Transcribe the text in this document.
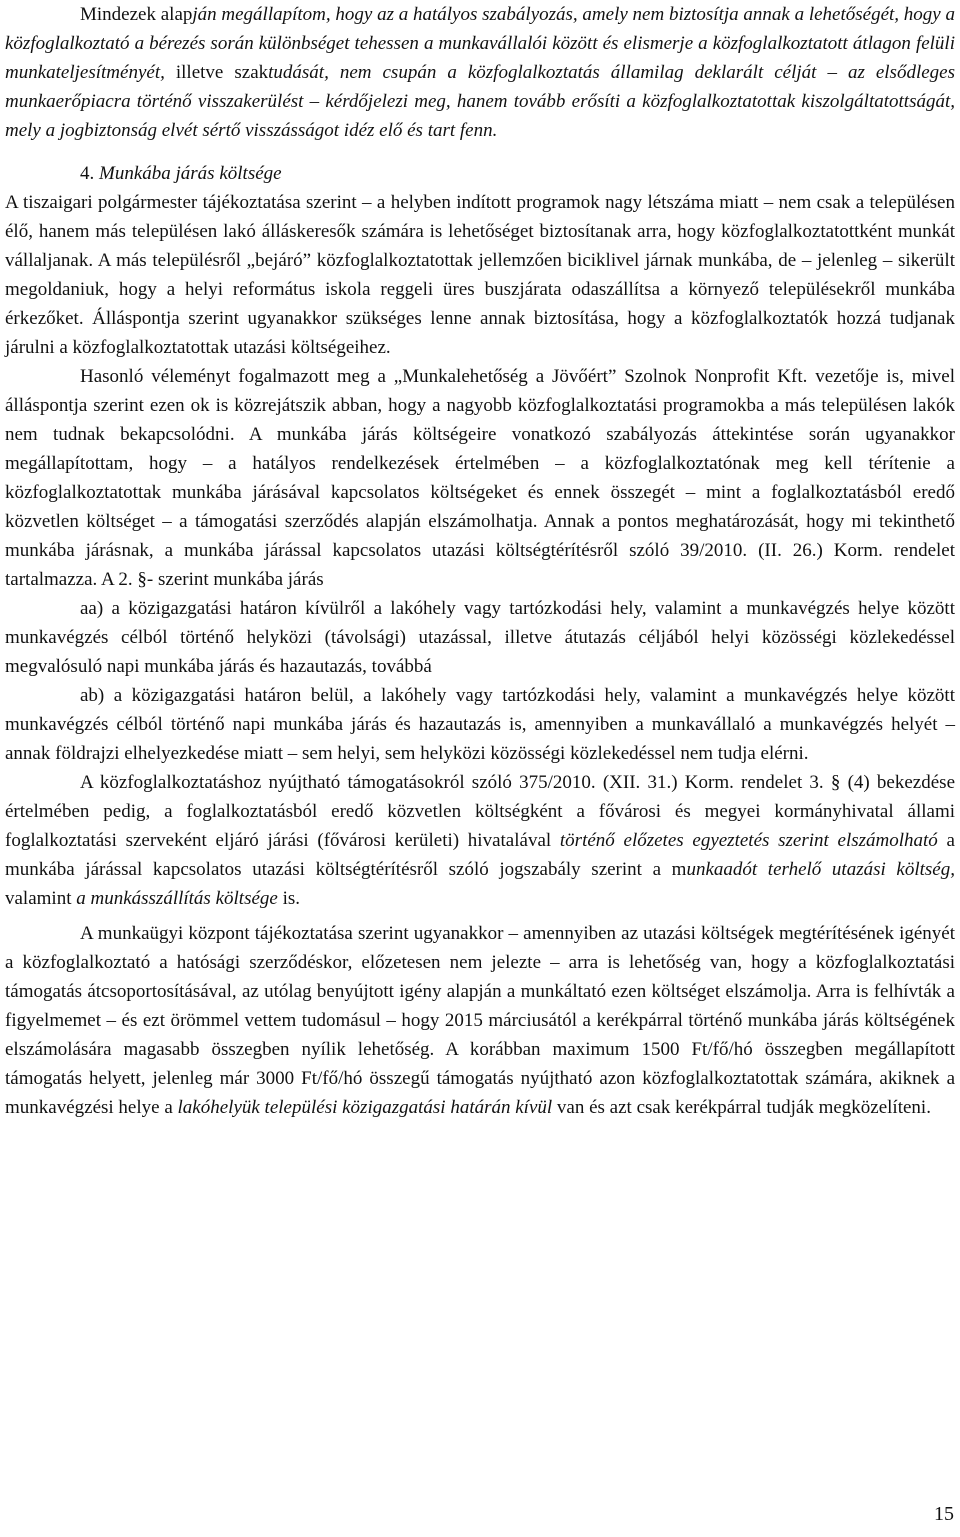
Mindezek alapján megállapítom, hogy az a hatályos szabályozás, amely nem biztosítja annak a lehetőségét, hogy a közfoglalkoztató a bérezés során különbséget tehessen a munkavállalói között és elismerje a közfoglalkoztatott átlagon felüli munkateljesítményét, illetve szaktudását, nem csupán a közfoglalkoztatás államilag deklarált célját – az elsődleges munkaerőpiacra történő visszakerülést – kérdőjelezi meg, hanem tovább erősíti a közfoglalkoztatottak kiszolgáltatottságát, mely a jogbiztonság elvét sértő visszásságot idéz elő és tart fenn.

4. Munkába járás költsége

A tiszaigari polgármester tájékoztatása szerint – a helyben indított programok nagy létszáma miatt – nem csak a településen élő, hanem más településen lakó álláskeresők számára is lehetőséget biztosítanak arra, hogy közfoglalkoztatottként munkát vállaljanak. A más településről „bejáró” közfoglalkoztatottak jellemzően biciklivel járnak munkába, de – jelenleg – sikerült megoldaniuk, hogy a helyi református iskola reggeli üres buszjárata odaszállítsa a környező településekről munkába érkezőket. Álláspontja szerint ugyanakkor szükséges lenne annak biztosítása, hogy a közfoglalkoztatók hozzá tudjanak járulni a közfoglalkoztatottak utazási költségeihez.

Hasonló véleményt fogalmazott meg a „Munkalehetőség a Jövőért” Szolnok Nonprofit Kft. vezetője is, mivel álláspontja szerint ezen ok is közrejátszik abban, hogy a nagyobb közfoglalkoztatási programokba a más településen lakók nem tudnak bekapcsolódni. A munkába járás költségeire vonatkozó szabályozás áttekintése során ugyanakkor megállapítottam, hogy – a hatályos rendelkezések értelmében – a közfoglalkoztatónak meg kell térítenie a közfoglalkoztatottak munkába járásával kapcsolatos költségeket és ennek összegét – mint a foglalkoztatásból eredő közvetlen költséget – a támogatási szerződés alapján elszámolhatja. Annak a pontos meghatározását, hogy mi tekinthető munkába járásnak, a munkába járással kapcsolatos utazási költségtérítésről szóló 39/2010. (II. 26.) Korm. rendelet tartalmazza. A 2. §- szerint munkába járás

aa) a közigazgatási határon kívülről a lakóhely vagy tartózkodási hely, valamint a munkavégzés helye között munkavégzés célból történő helyközi (távolsági) utazással, illetve átutazás céljából helyi közösségi közlekedéssel megvalósuló napi munkába járás és hazautazás, továbbá

ab) a közigazgatási határon belül, a lakóhely vagy tartózkodási hely, valamint a munkavégzés helye között munkavégzés célból történő napi munkába járás és hazautazás is, amennyiben a munkavállaló a munkavégzés helyét – annak földrajzi elhelyezkedése miatt – sem helyi, sem helyközi közösségi közlekedéssel nem tudja elérni.

A közfoglalkoztatáshoz nyújtható támogatásokról szóló 375/2010. (XII. 31.) Korm. rendelet 3. § (4) bekezdése értelmében pedig, a foglalkoztatásból eredő közvetlen költségként a fővárosi és megyei kormányhivatal állami foglalkoztatási szerveként eljáró járási (fővárosi kerületi) hivatalával történő előzetes egyeztetés szerint elszámolható a munkába járással kapcsolatos utazási költségtérítésről szóló jogszabály szerint a munkaadót terhelő utazási költség, valamint a munkásszállítás költsége is.

A munkaügyi központ tájékoztatása szerint ugyanakkor – amennyiben az utazási költségek megtérítésének igényét a közfoglalkoztató a hatósági szerződéskor, előzetesen nem jelezte – arra is lehetőség van, hogy a közfoglalkoztatási támogatás átcsoportosításával, az utólag benyújtott igény alapján a munkáltató ezen költséget elszámolja. Arra is felhívták a figyelmemet – és ezt örömmel vettem tudomásul – hogy 2015 márciusától a kerékpárral történő munkába járás költségének elszámolására magasabb összegben nyílik lehetőség. A korábban maximum 1500 Ft/fő/hó összegben megállapított támogatás helyett, jelenleg már 3000 Ft/fő/hó összegű támogatás nyújtható azon közfoglalkoztatottak számára, akiknek a munkavégzési helye a lakóhelyük települési közigazgatási határán kívül van és azt csak kerékpárral tudják megközelíteni.

15
